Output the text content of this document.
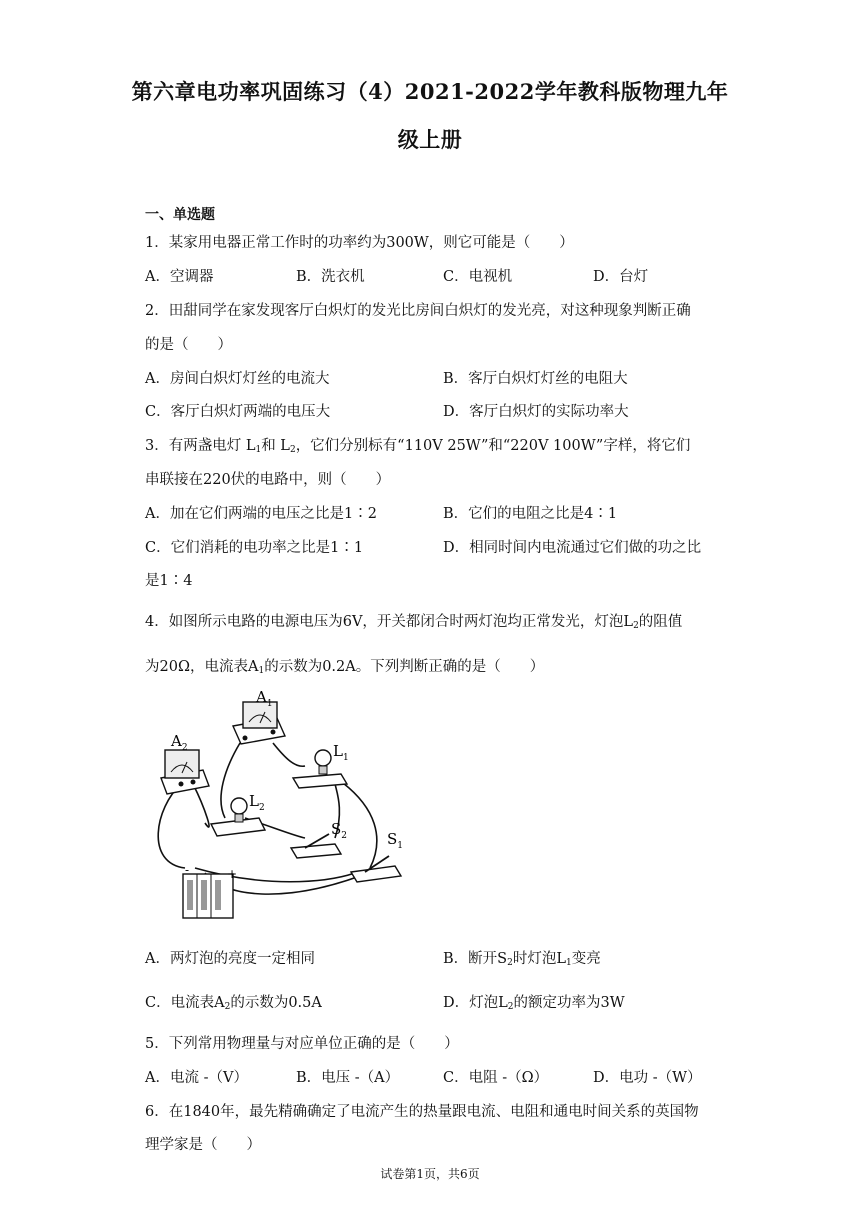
第六章电功率巩固练习（4）2021-2022学年教科版物理九年
级上册
一、单选题
1．某家用电器正常工作时的功率约为300W，则它可能是（　　）
A．空调器	B．洗衣机	C．电视机	D．台灯
2．田甜同学在家发现客厅白炽灯的发光比房间白炽灯的发光亮，对这种现象判断正确
的是（　　）
A．房间白炽灯灯丝的电流大	B．客厅白炽灯灯丝的电阻大
C．客厅白炽灯两端的电压大	D．客厅白炽灯的实际功率大
3．有两盏电灯 $L_1$和 $L_2$，它们分别标有“110V 25W”和“220V 100W”字样，将它们
串联接在220伏的电路中，则（　　）
A．加在它们两端的电压之比是1∶2	B．它们的电阻之比是4∶1
C．它们消耗的电功率之比是1∶1	D．相同时间内电流通过它们做的功之比
是1∶4
4．如图所示电路的电源电压为6V，开关都闭合时两灯泡均正常发光，灯泡$L_2$的阻值
为20Ω，电流表$A_1$的示数为0.2A。下列判断正确的是（　　）
$A_1$
$A_2$	$L_1$
$L_2$
$S_2$	$S_1$
-	+
A．两灯泡的亮度一定相同	B．断开$S_2$时灯泡$L_1$变亮
C．电流表$A_2$的示数为0.5A	D．灯泡$L_2$的额定功率为3W
5．下列常用物理量与对应单位正确的是（　　）
A．电流 -（V）	B．电压 -（A）	C．电阻 -（Ω）	D．电功 -（W）
6．在1840年，最先精确确定了电流产生的热量跟电流、电阻和通电时间关系的英国物
理学家是（　　）
试卷第1页，共6页
